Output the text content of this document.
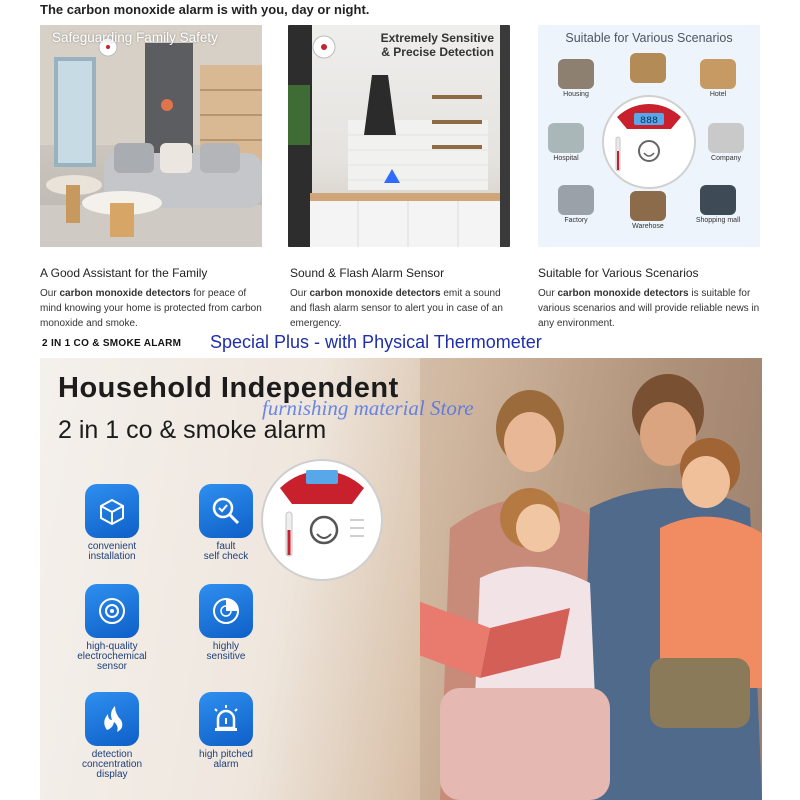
The carbon monoxide alarm is with you, day or night.
Safeguarding Family Safety	Extremely Sensitive
& Precise Detection
Suitable for Various Scenarios
Housing	Hotel
Hospital	Company
Factory
Warehose
Shopping mall
888
A Good Assistant for the Family
Our carbon monoxide detectors for peace of mind knowing your home is protected from carbon monoxide and smoke.
Sound & Flash Alarm Sensor
Our carbon monoxide detectors emit a sound and flash alarm sensor to alert you in case of an emergency.
Suitable for Various Scenarios
Our carbon monoxide detectors is suitable for various scenarios and will provide reliable news in any environment.
2 IN 1 CO & SMOKE ALARM Special Plus - with Physical Thermometer
Household Independent
2 in 1 co & smoke alarm
furnishing material Store
convenient
installation
fault
self check
high-quality
electrochemical
sensor
highly
sensitive
detection
concentration
display
high pitched
alarm
